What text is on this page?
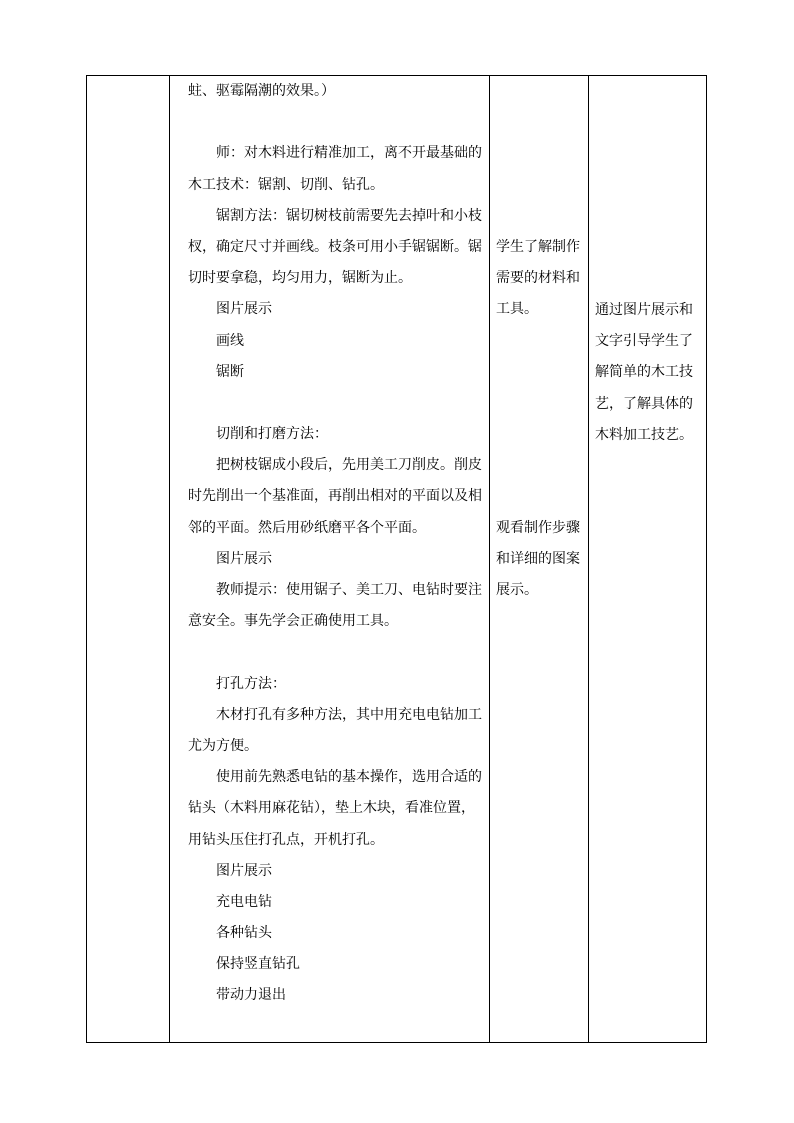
蛀、驱霉隔潮的效果。）
师：对木料进行精准加工，离不开最基础的
木工技术：锯割、切削、钻孔。
锯割方法：锯切树枝前需要先去掉叶和小枝
杈，确定尺寸并画线。枝条可用小手锯锯断。锯
切时要拿稳，均匀用力，锯断为止。
图片展示
画线
锯断
切削和打磨方法：
把树枝锯成小段后，先用美工刀削皮。削皮
时先削出一个基准面，再削出相对的平面以及相
邻的平面。然后用砂纸磨平各个平面。
图片展示
教师提示：使用锯子、美工刀、电钻时要注
意安全。事先学会正确使用工具。
打孔方法：
木材打孔有多种方法，其中用充电电钻加工
尤为方便。
使用前先熟悉电钻的基本操作，选用合适的
钻头（木料用麻花钻），垫上木块，看准位置，
用钻头压住打孔点，开机打孔。
图片展示
充电电钻
各种钻头
保持竖直钻孔
带动力退出
学生了解制作
需要的材料和
工具。
观看制作步骤
和详细的图案
展示。
通过图片展示和
文字引导学生了
解简单的木工技
艺，了解具体的
木料加工技艺。
